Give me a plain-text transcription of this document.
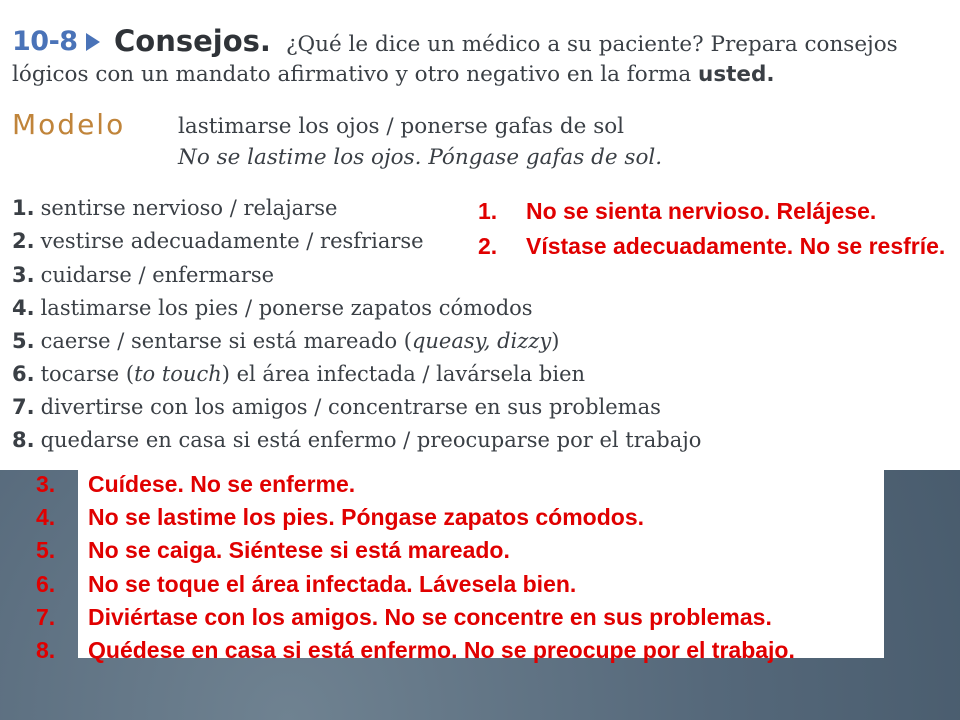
10-8 Consejos. ¿Qué le dice un médico a su paciente? Prepara consejos
lógicos con un mandato afirmativo y otro negativo en la forma usted.
Modelo lastimarse los ojos / ponerse gafas de sol
No se lastime los ojos. Póngase gafas de sol.
1. sentirse nervioso / relajarse
2. vestirse adecuadamente / resfriarse
3. cuidarse / enfermarse
4. lastimarse los pies / ponerse zapatos cómodos
5. caerse / sentarse si está mareado (queasy, dizzy)
6. tocarse (to touch) el área infectada / lavársela bien
7. divertirse con los amigos / concentrarse en sus problemas
8. quedarse en casa si está enfermo / preocuparse por el trabajo
1. No se sienta nervioso. Relájese.
2. Vístase adecuadamente. No se resfríe.
3. Cuídese. No se enferme.
4. No se lastime los pies. Póngase zapatos cómodos.
5. No se caiga. Siéntese si está mareado.
6. No se toque el área infectada. Lávesela bien.
7. Diviértase con los amigos. No se concentre en sus problemas.
8. Quédese en casa si está enfermo. No se preocupe por el trabajo.
